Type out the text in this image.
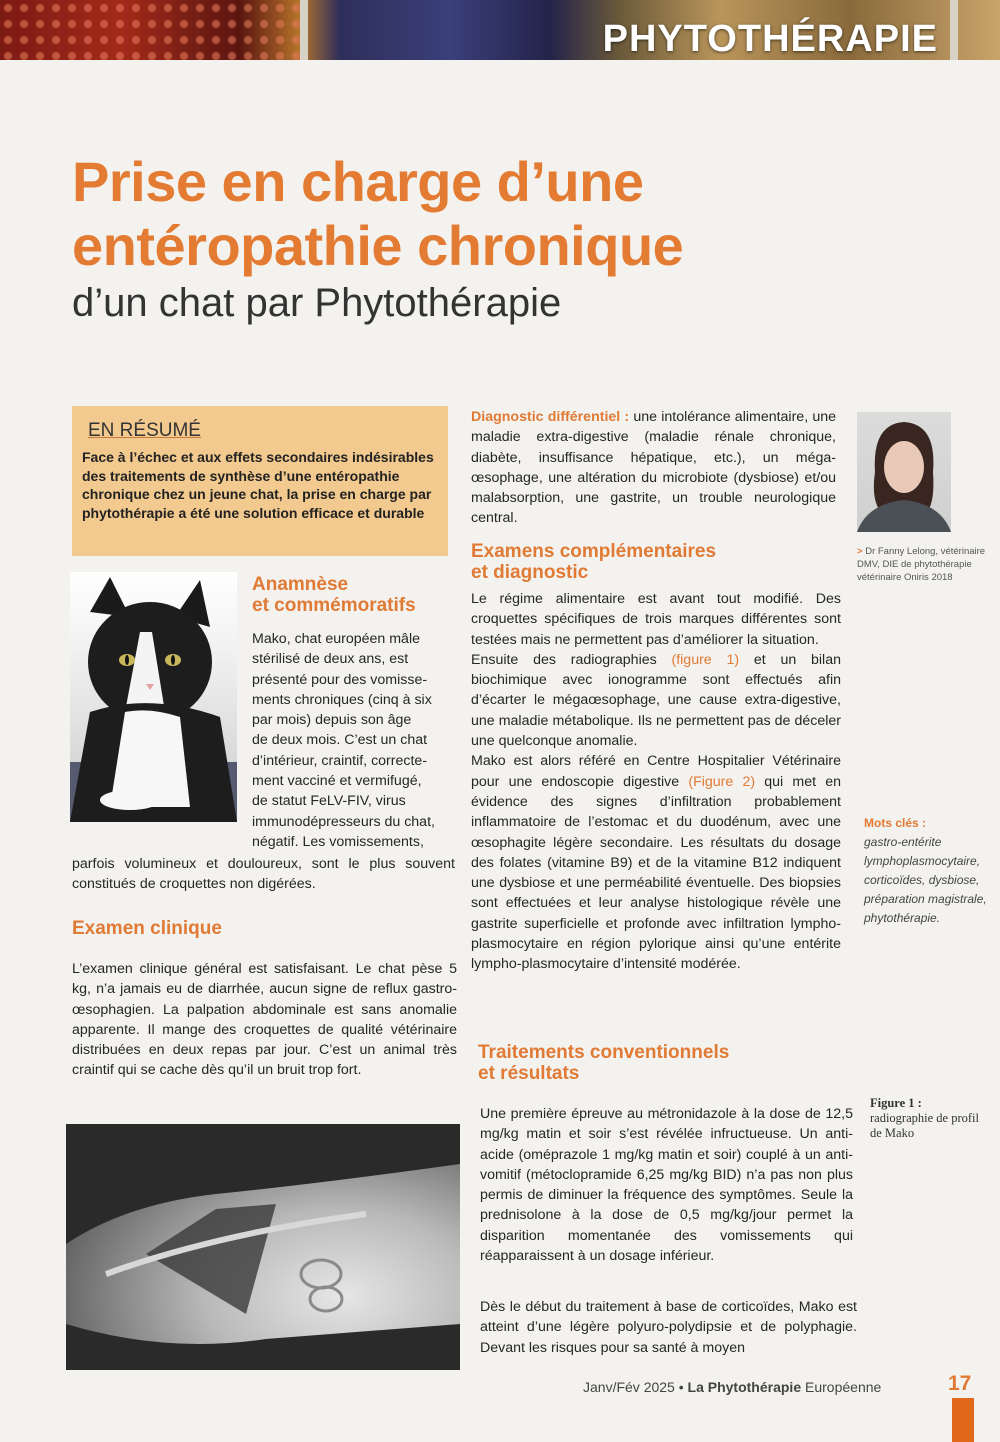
PHYTOTHÉRAPIE
Prise en charge d’une
entéropathie chronique
d’un chat par Phytothérapie
EN RÉSUMÉ
Face à l’échec et aux effets secondaires indésirables des traitements de synthèse d’une entéropathie chronique chez un jeune chat, la prise en charge par phytothérapie a été une solution efficace et durable
Anamnèse
et commémoratifs
Mako, chat européen mâle
stérilisé de deux ans, est
présenté pour des vomisse-
ments chroniques (cinq à six
par mois) depuis son âge
de deux mois. C’est un chat
d’intérieur, craintif, correcte-
ment vacciné et vermifugé,
de statut FeLV-FIV, virus
immunodépresseurs du chat,
négatif. Les vomissements,
parfois volumineux et douloureux, sont le plus souvent constitués de croquettes non digérées.
Examen clinique
L’examen clinique général est satisfaisant. Le chat pèse 5 kg, n’a jamais eu de diarrhée, aucun signe de reflux gastro-œsophagien. La palpation abdominale est sans anomalie apparente. Il mange des croquettes de qualité vétérinaire distribuées en deux repas par jour. C’est un animal très craintif qui se cache dès qu’il un bruit trop fort.
Diagnostic différentiel : une intolérance alimentaire, une maladie extra-digestive (maladie rénale chronique, diabète, insuffisance hépatique, etc.), un méga-œsophage, une altération du microbiote (dysbiose) et/ou malabsorption, une gastrite, un trouble neurologique central.
Examens complémentaires
et diagnostic
Le régime alimentaire est avant tout modifié. Des croquettes spécifiques de trois marques différentes sont testées mais ne permettent pas d’améliorer la situation.
Ensuite des radiographies (figure 1) et un bilan biochimique avec ionogramme sont effectués afin d’écarter le mégaœsophage, une cause extra-digestive, une maladie métabolique. Ils ne permettent pas de déceler une quelconque anomalie.
Mako est alors référé en Centre Hospitalier Vétérinaire pour une endoscopie digestive (Figure 2) qui met en évidence des signes d’infiltration probablement inflammatoire de l’estomac et du duodénum, avec une œsophagite légère secondaire. Les résultats du dosage des folates (vitamine B9) et de la vitamine B12 indiquent une dysbiose et une perméabilité éventuelle. Des biopsies sont effectuées et leur analyse histologique révèle une gastrite superficielle et profonde avec infiltration lympho-plasmocytaire en région pylorique ainsi qu’une entérite lympho-plasmocytaire d’intensité modérée.
Traitements conventionnels
et résultats
Une première épreuve au métronidazole à la dose de 12,5 mg/kg matin et soir s’est révélée infructueuse. Un anti-acide (oméprazole 1 mg/kg matin et soir) couplé à un anti-vomitif (métoclopramide 6,25 mg/kg BID) n’a pas non plus permis de diminuer la fréquence des symptômes. Seule la prednisolone à la dose de 0,5 mg/kg/jour permet la disparition momentanée des vomissements qui réapparaissent à un dosage inférieur.
Dès le début du traitement à base de corticoïdes, Mako est atteint d’une légère polyuro-polydipsie et de polyphagie. Devant les risques pour sa santé à moyen
> Dr Fanny Lelong, vétérinaire DMV, DIE de phytothérapie vétérinaire Oniris 2018
Mots clés :
gastro-entérite
lymphoplasmocytaire,
corticoïdes, dysbiose,
préparation magistrale,
phytothérapie.
Figure 1 :
radiographie de profil de Mako
Janv/Fév 2025 • La Phytothérapie Européenne	17
